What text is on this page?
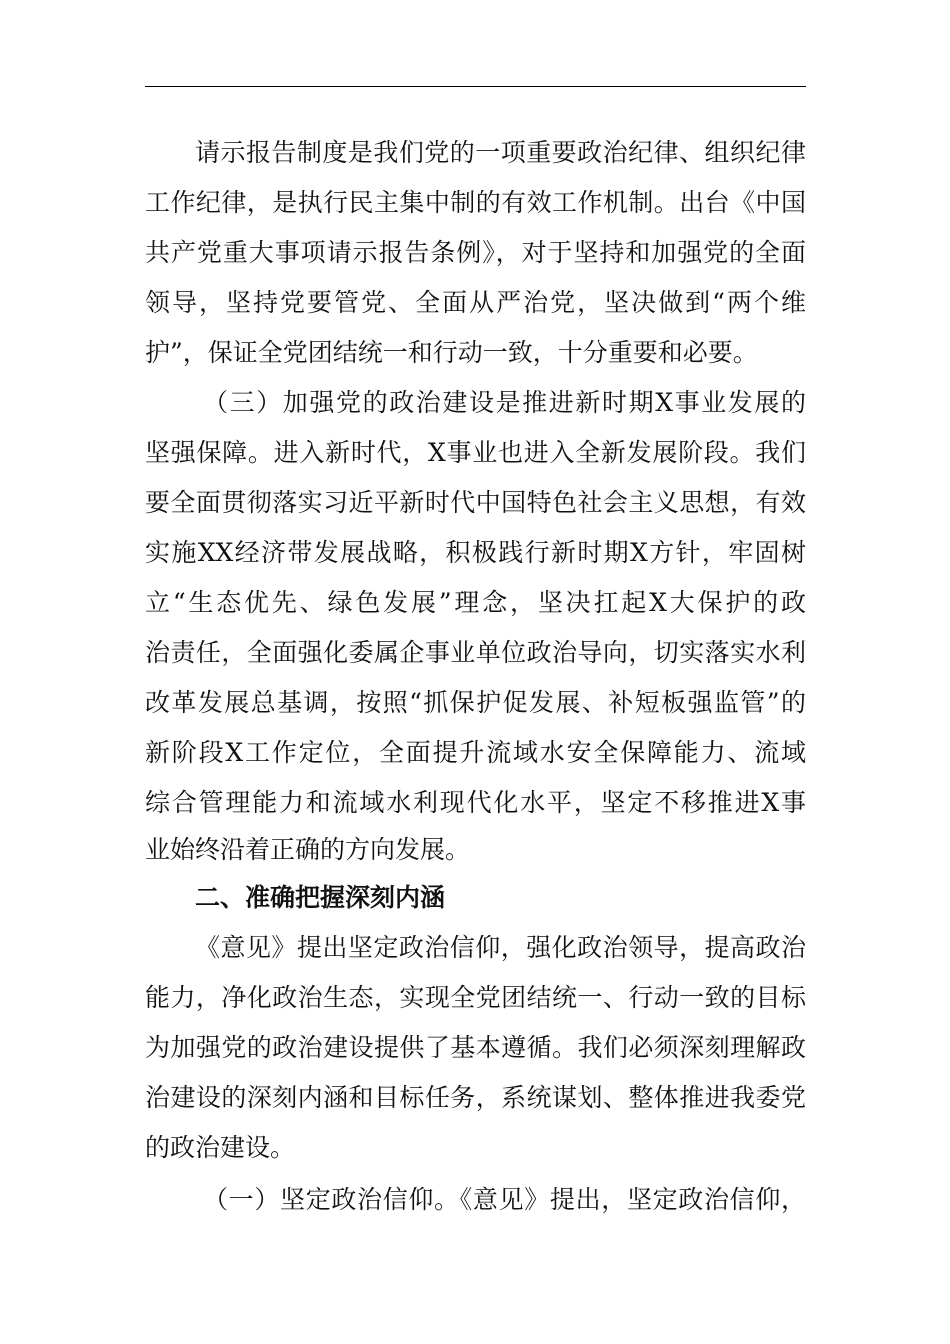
请示报告制度是我们党的一项重要政治纪律、组织纪律
工作纪律，是执行民主集中制的有效工作机制。出台《中国
共产党重大事项请示报告条例》，对于坚持和加强党的全面
领导，坚持党要管党、全面从严治党，坚决做到“两个维
护”，保证全党团结统一和行动一致，十分重要和必要。
（三）加强党的政治建设是推进新时期X事业发展的
坚强保障。进入新时代，X事业也进入全新发展阶段。我们
要全面贯彻落实习近平新时代中国特色社会主义思想，有效
实施XX经济带发展战略，积极践行新时期X方针，牢固树
立“生态优先、绿色发展”理念，坚决扛起X大保护的政
治责任，全面强化委属企事业单位政治导向，切实落实水利
改革发展总基调，按照“抓保护促发展、补短板强监管”的
新阶段X工作定位，全面提升流域水安全保障能力、流域
综合管理能力和流域水利现代化水平，坚定不移推进X事
业始终沿着正确的方向发展。
二、准确把握深刻内涵
《意见》提出坚定政治信仰，强化政治领导，提高政治
能力，净化政治生态，实现全党团结统一、行动一致的目标
为加强党的政治建设提供了基本遵循。我们必须深刻理解政
治建设的深刻内涵和目标任务，系统谋划、整体推进我委党
的政治建设。
（一）坚定政治信仰。《意见》提出，坚定政治信仰，
